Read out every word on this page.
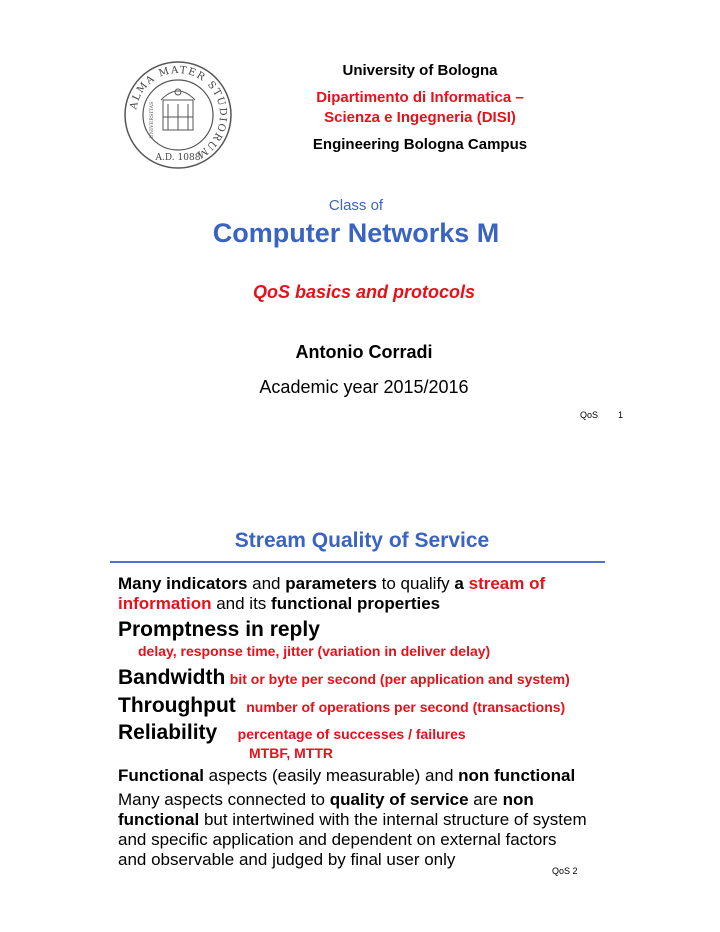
ALMA MATER STUDIORUM
A.D. 1088
UNIVERSITAS
University of Bologna
Dipartimento di Informatica –
Scienza e Ingegneria (DISI)
Engineering Bologna Campus
Class of
Computer Networks M
QoS basics and protocols
Antonio Corradi
Academic year 2015/2016
QoS 1
Stream Quality of Service
Many indicators and parameters to qualify a stream of
information and its functional properties
Promptness in reply
delay, response time, jitter (variation in deliver delay)
Bandwidth bit or byte per second (per application and system)
Throughput number of operations per second (transactions)
Reliability percentage of successes / failures
MTBF, MTTR
Functional aspects (easily measurable) and non functional
Many aspects connected to quality of service are non
functional but intertwined with the internal structure of system
and specific application and dependent on external factors
and observable and judged by final user only
QoS 2
